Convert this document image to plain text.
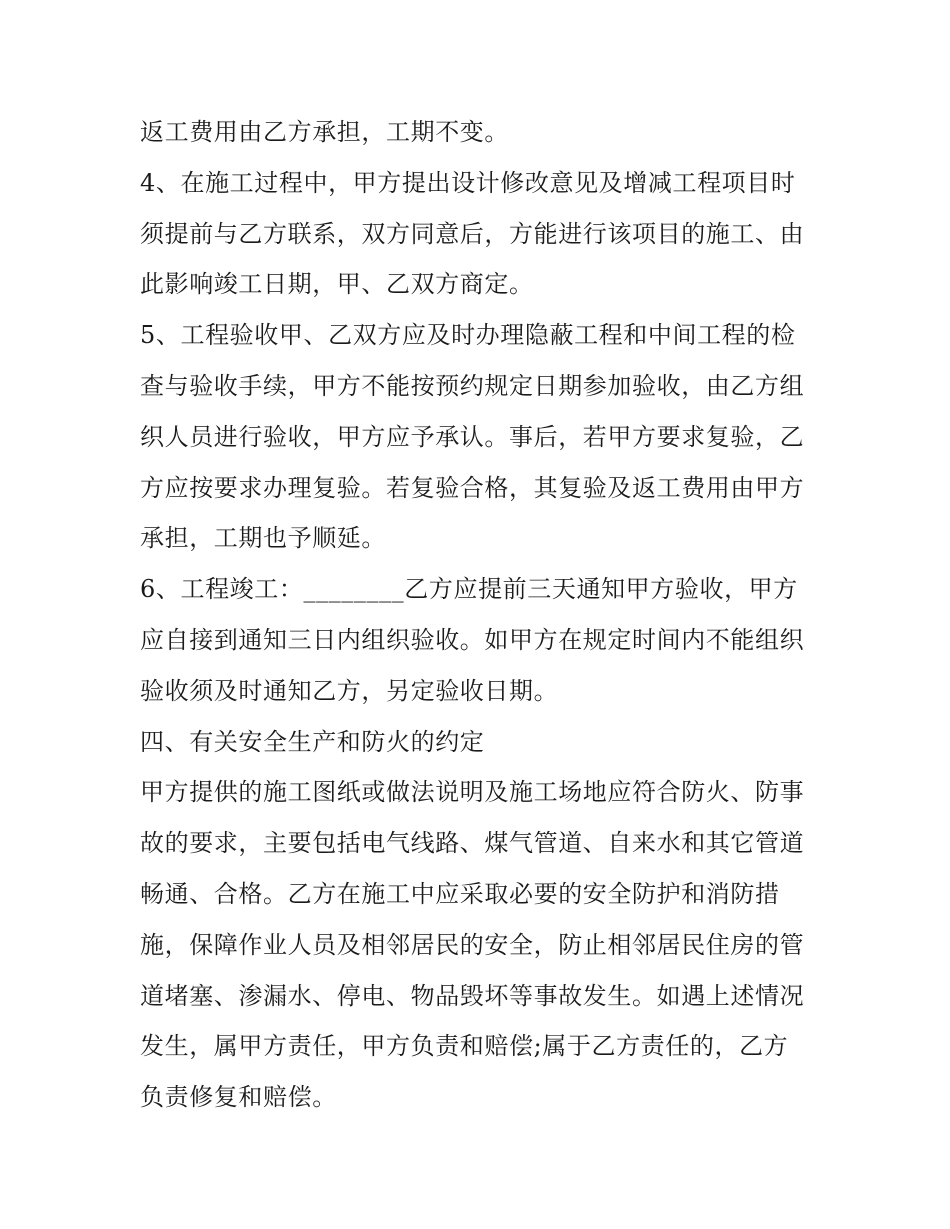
返工费用由乙方承担，工期不变。
4、在施工过程中，甲方提出设计修改意见及增减工程项目时
须提前与乙方联系，双方同意后，方能进行该项目的施工、由
此影响竣工日期，甲、乙双方商定。
5、工程验收甲、乙双方应及时办理隐蔽工程和中间工程的检
查与验收手续，甲方不能按预约规定日期参加验收，由乙方组
织人员进行验收，甲方应予承认。事后，若甲方要求复验，乙
方应按要求办理复验。若复验合格，其复验及返工费用由甲方
承担，工期也予顺延。
6、工程竣工：________乙方应提前三天通知甲方验收，甲方
应自接到通知三日内组织验收。如甲方在规定时间内不能组织
验收须及时通知乙方，另定验收日期。
四、有关安全生产和防火的约定
甲方提供的施工图纸或做法说明及施工场地应符合防火、防事
故的要求，主要包括电气线路、煤气管道、自来水和其它管道
畅通、合格。乙方在施工中应采取必要的安全防护和消防措
施，保障作业人员及相邻居民的安全，防止相邻居民住房的管
道堵塞、渗漏水、停电、物品毁坏等事故发生。如遇上述情况
发生，属甲方责任，甲方负责和赔偿;属于乙方责任的，乙方
负责修复和赔偿。
